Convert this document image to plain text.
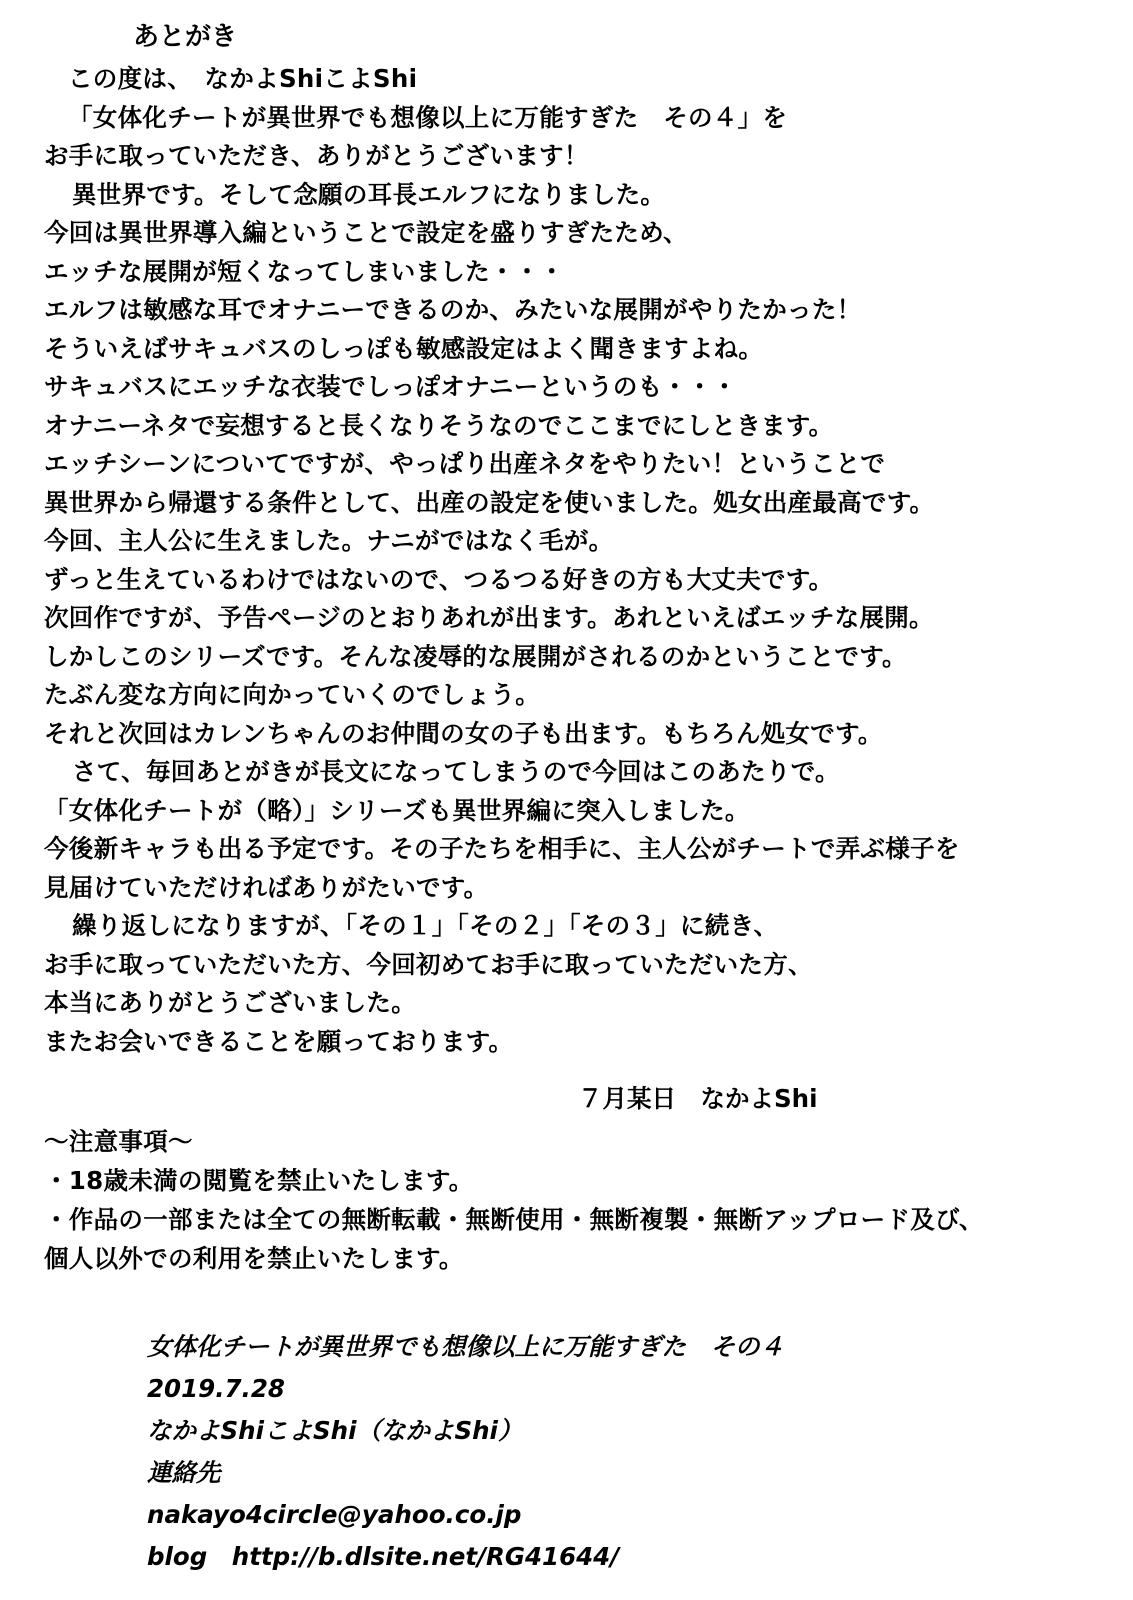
あとがき
この度は、　なかよShiこよShi
「女体化チートが異世界でも想像以上に万能すぎた　その４」を
お手に取っていただき、ありがとうございます！
異世界です。そして念願の耳長エルフになりました。
今回は異世界導入編ということで設定を盛りすぎたため、
エッチな展開が短くなってしまいました・・・
エルフは敏感な耳でオナニーできるのか、みたいな展開がやりたかった！
そういえばサキュバスのしっぽも敏感設定はよく聞きますよね。
サキュバスにエッチな衣装でしっぽオナニーというのも・・・
オナニーネタで妄想すると長くなりそうなのでここまでにしときます。
エッチシーンについてですが、やっぱり出産ネタをやりたい！ということで
異世界から帰還する条件として、出産の設定を使いました。処女出産最高です。
今回、主人公に生えました。ナニがではなく毛が。
ずっと生えているわけではないので、つるつる好きの方も大丈夫です。
次回作ですが、予告ページのとおりあれが出ます。あれといえばエッチな展開。
しかしこのシリーズです。そんな凌辱的な展開がされるのかということです。
たぶん変な方向に向かっていくのでしょう。
それと次回はカレンちゃんのお仲間の女の子も出ます。もちろん処女です。
さて、毎回あとがきが長文になってしまうので今回はこのあたりで。
「女体化チートが（略）」シリーズも異世界編に突入しました。
今後新キャラも出る予定です。その子たちを相手に、主人公がチートで弄ぶ様子を
見届けていただければありがたいです。
繰り返しになりますが、「その１」「その２」「その３」に続き、
お手に取っていただいた方、今回初めてお手に取っていただいた方、
本当にありがとうございました。
またお会いできることを願っております。
７月某日　なかよShi
〜注意事項〜
・18歳未満の閲覧を禁止いたします。
・作品の一部または全ての無断転載・無断使用・無断複製・無断アップロード及び、
個人以外での利用を禁止いたします。
女体化チートが異世界でも想像以上に万能すぎた　その４
2019.7.28
なかよShiこよShi（なかよShi）
連絡先
nakayo4circle@yahoo.co.jp
blog　http://b.dlsite.net/RG41644/
